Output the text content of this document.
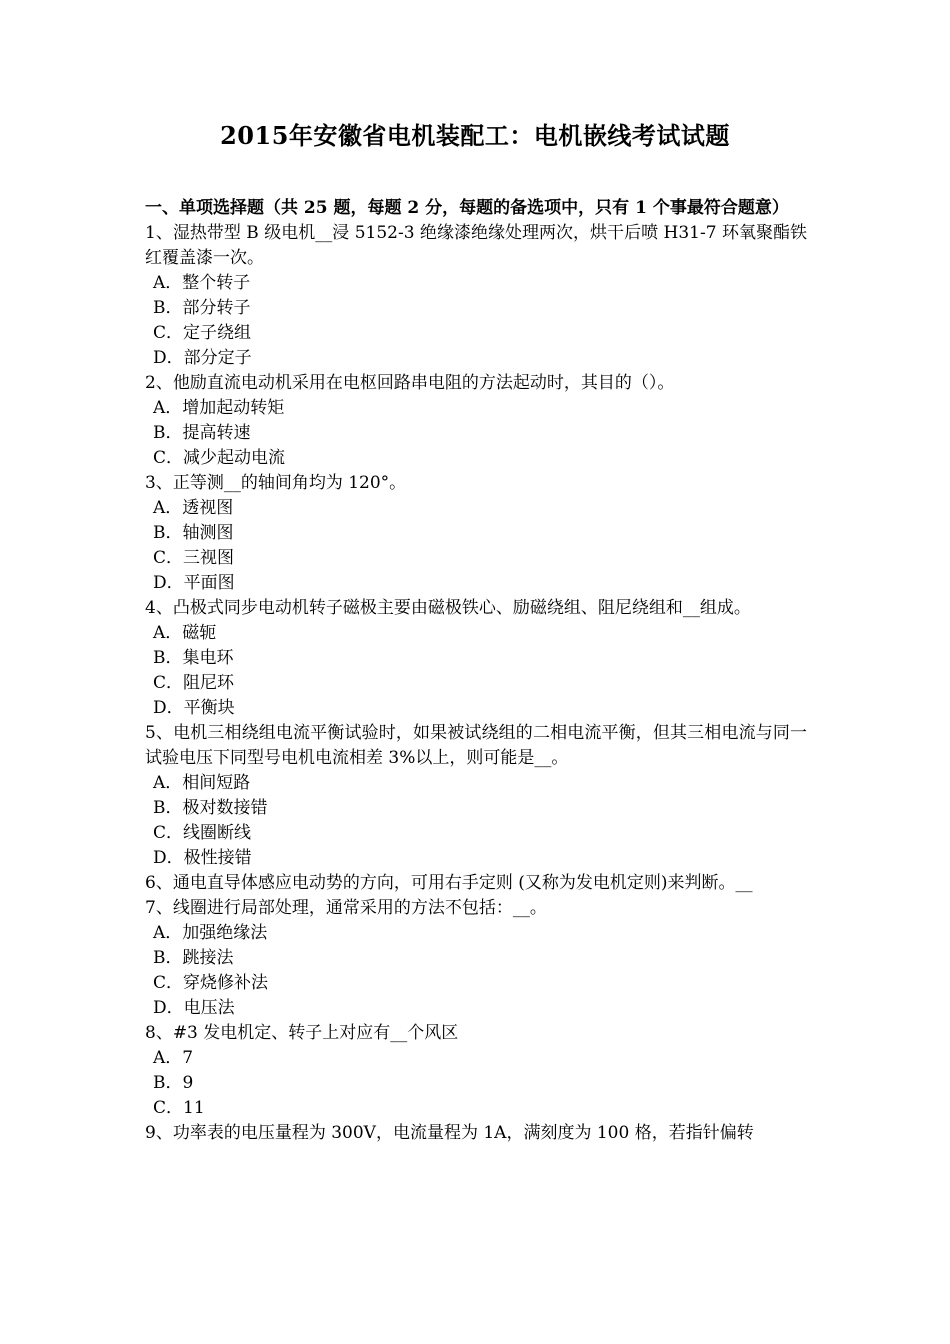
2015年安徽省电机装配工：电机嵌线考试试题

一、单项选择题（共 25 题，每题 2 分，每题的备选项中，只有 1 个事最符合题意）

1、湿热带型 B 级电机__浸 5152-3 绝缘漆绝缘处理两次，烘干后喷 H31-7 环氧聚酯铁红覆盖漆一次。

A．整个转子

B．部分转子

C．定子绕组

D．部分定子

2、他励直流电动机采用在电枢回路串电阻的方法起动时，其目的（）。

A．增加起动转矩

B．提高转速

C．减少起动电流

3、正等测__的轴间角均为 120°。

A．透视图

B．轴测图

C．三视图

D．平面图

4、凸极式同步电动机转子磁极主要由磁极铁心、励磁绕组、阻尼绕组和__组成。

A．磁轭

B．集电环

C．阻尼环

D．平衡块

5、电机三相绕组电流平衡试验时，如果被试绕组的二相电流平衡，但其三相电流与同一试验电压下同型号电机电流相差 3%以上，则可能是__。

A．相间短路

B．极对数接错

C．线圈断线

D．极性接错

6、通电直导体感应电动势的方向，可用右手定则 (又称为发电机定则)来判断。__

7、线圈进行局部处理，通常采用的方法不包括：__。

A．加强绝缘法

B．跳接法

C．穿烧修补法

D．电压法

8、#3 发电机定、转子上对应有__个风区

A．7

B．9

C．11

9、功率表的电压量程为 300V，电流量程为 1A，满刻度为 100 格，若指针偏转
